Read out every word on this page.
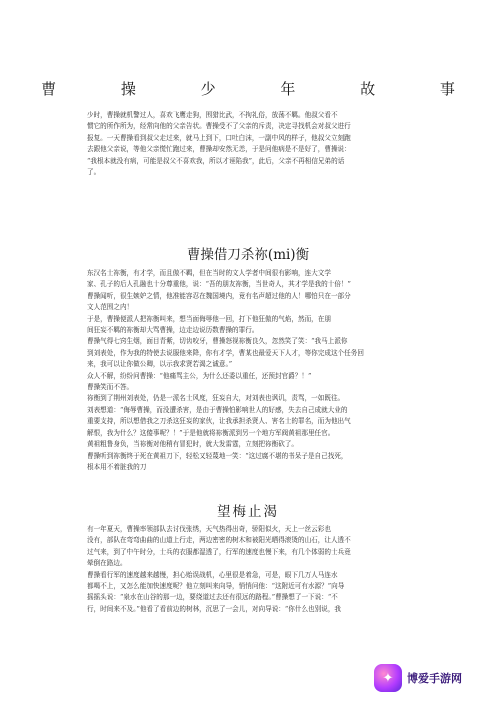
曹 操 少 年 故 事
少时，曹操就机警过人，喜欢飞鹰走狗，围猎比武，不拘礼俗，放荡不羁。他叔父看不
惯它的所作所为，经常向他的父亲告状。曹操受不了父亲的斥责，决定寻找机会对叔父进行
报复。一天曹操看到叔父走过来，就马上到下，口吐白沫，一副中风的样子，他叔父立刻跑
去跟他父亲说，等他父亲慌忙跑过来，曹操却安然无恙，于是问他病是不是好了，曹操说：
“我根本就没有病，可能是叔父不喜欢我，所以才诬陷我”，此后，父亲不再相信兄弟的话
了。
曹操借刀杀祢(mi)衡
东汉名士祢衡，有才学，而且傲不羁，但在当时的文人学者中间很有影响，连大文学
家、孔子的后人孔融也十分尊重他，说：“吾的朋友祢衡，当世奇人，其才学是我的十倍！”
曹操闻听，很生嫉妒之情，他准能容忍在魏国境内，竟有名声超过他的人！哪怕只在一部分
文人范围之内！
于是，曹操便派人把祢衡叫来，想当面侮辱他一回，打下他狂傲的气焰，然而，在朋
间狂妄不羁的祢衡却大骂曹操，边走边说历数曹操的罪行。
曹操气得七窍生烟，面目青紫，切齿咬牙，曹操怒视祢衡良久，忽然笑了笑：“我马上派你
到刘表处，作为我的特使去说服他来降，你有才学，曹某也最爱天下人才，等你完成这个任务回
来，我可以让你做公卿，以示我求贤若渴之诚意。”
众人不解，纷纷问曹操：“他痛骂主公，为什么还委以重任，还预封官爵？！”
曹操笑而不答。
祢衡到了荆州刘表处，仍是一派名士风度，狂妄自大，对刘表也讽讥，责骂，一如既往。
刘表想道：“侮辱曹操，而没遭杀害，是由于曹操怕影响世人的好感，失去自己成就大业的
重要支持，所以想借我之刀杀这狂妄的家伙，让我承担杀贤人、害名士的罪名，而为他出气
解恨，我为什么？这傻事呢？！”于是他就将祢衡派到另一个地方军阀黄祖那里任官。
黄祖粗鲁身负，当祢衡对他稍有冒犯时，就大发雷霆，立刻把祢衡砍了。
曹操听到祢衡终于死在黄祖刀下，轻松又轻蔑地一笑：“这过腐不堪的书呆子是自己找死，
根本用不着脏我的刀
望梅止渴
有一年夏天，曹操率领部队去讨伐张绣，天气热得出奇，骄阳似火，天上一丝云彩也
没有，部队在弯弯曲曲的山道上行走，两边密密的树木和被阳光晒得滚烫的山石，让人透不
过气来，到了中午时分，士兵的衣服都湿透了，行军的速度也慢下来，有几个体弱的士兵竟
晕倒在路边。
曹操看行军的速度越来越慢，担心贻误战机，心里很是着急，可是，眼下几万人马连水
都喝不上，又怎么能加快速度呢？他立刻叫来向导，悄悄问他：“这附近可有水源？”向导
摇摇头说：“泉水在山谷的那一边，要绕道过去还有很远的路程。”曹操想了一下说：“不
行，时间来不及。”他看了看前边的树林，沉思了一会儿，对向导说：“你什么也别说，我
✦	博爱手游网
